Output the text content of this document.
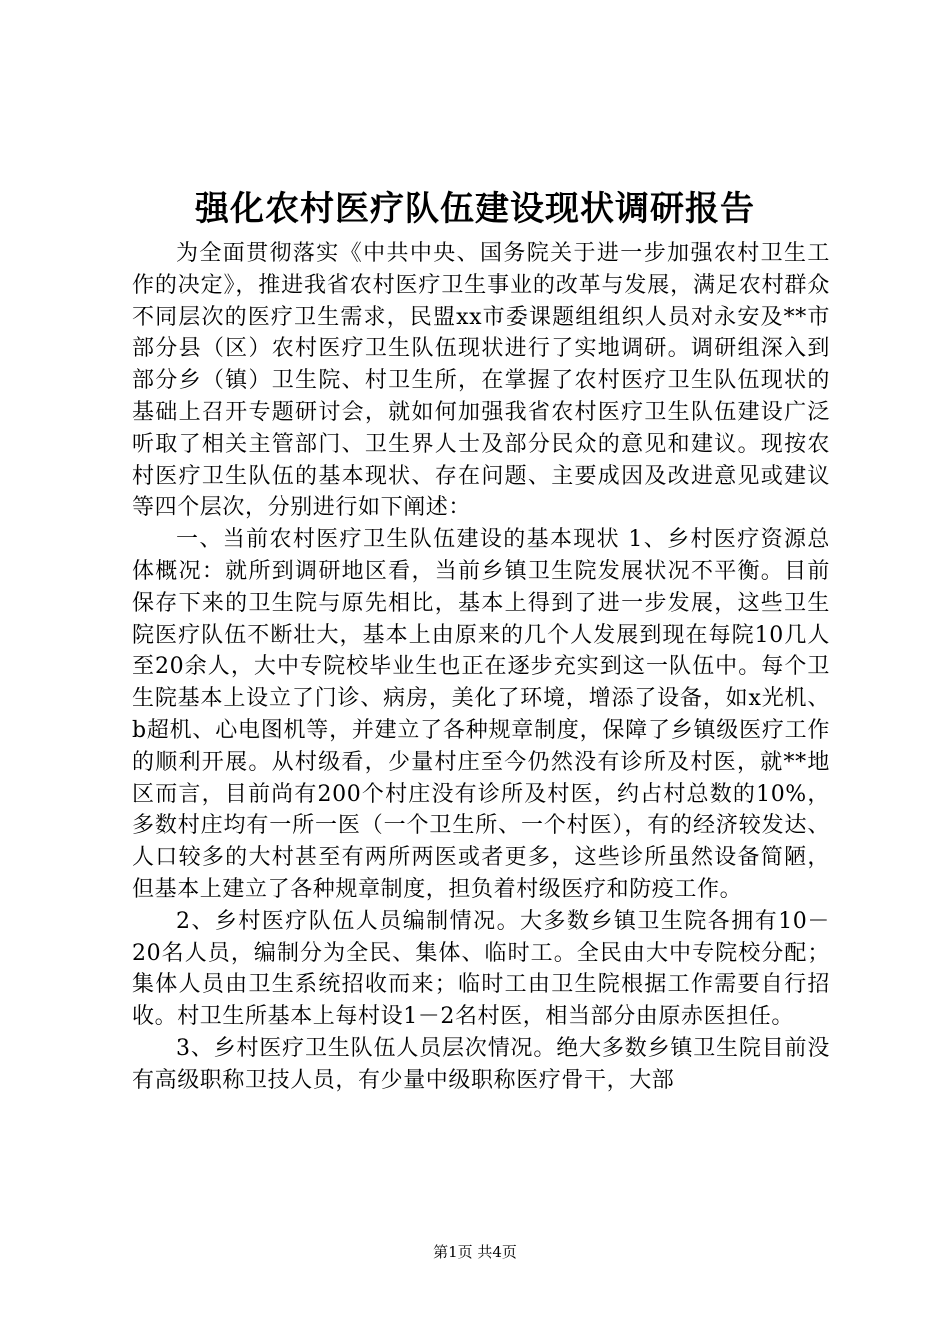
强化农村医疗队伍建设现状调研报告

为全面贯彻落实《中共中央、国务院关于进一步加强农村卫生工作的决定》，推进我省农村医疗卫生事业的改革与发展，满足农村群众不同层次的医疗卫生需求，民盟xx市委课题组组织人员对永安及**市部分县（区）农村医疗卫生队伍现状进行了实地调研。调研组深入到部分乡（镇）卫生院、村卫生所，在掌握了农村医疗卫生队伍现状的基础上召开专题研讨会，就如何加强我省农村医疗卫生队伍建设广泛听取了相关主管部门、卫生界人士及部分民众的意见和建议。现按农村医疗卫生队伍的基本现状、存在问题、主要成因及改进意见或建议等四个层次，分别进行如下阐述：

一、当前农村医疗卫生队伍建设的基本现状 1、乡村医疗资源总体概况：就所到调研地区看，当前乡镇卫生院发展状况不平衡。目前保存下来的卫生院与原先相比，基本上得到了进一步发展，这些卫生院医疗队伍不断壮大，基本上由原来的几个人发展到现在每院10几人至20余人，大中专院校毕业生也正在逐步充实到这一队伍中。每个卫生院基本上设立了门诊、病房，美化了环境，增添了设备，如x光机、b超机、心电图机等，并建立了各种规章制度，保障了乡镇级医疗工作的顺利开展。从村级看，少量村庄至今仍然没有诊所及村医，就**地区而言，目前尚有200个村庄没有诊所及村医，约占村总数的10%，多数村庄均有一所一医（一个卫生所、一个村医），有的经济较发达、人口较多的大村甚至有两所两医或者更多，这些诊所虽然设备简陋，但基本上建立了各种规章制度，担负着村级医疗和防疫工作。

2、乡村医疗队伍人员编制情况。大多数乡镇卫生院各拥有10－20名人员，编制分为全民、集体、临时工。全民由大中专院校分配；集体人员由卫生系统招收而来；临时工由卫生院根据工作需要自行招收。村卫生所基本上每村设1－2名村医，相当部分由原赤医担任。

3、乡村医疗卫生队伍人员层次情况。绝大多数乡镇卫生院目前没有高级职称卫技人员，有少量中级职称医疗骨干，大部

第1页 共4页
